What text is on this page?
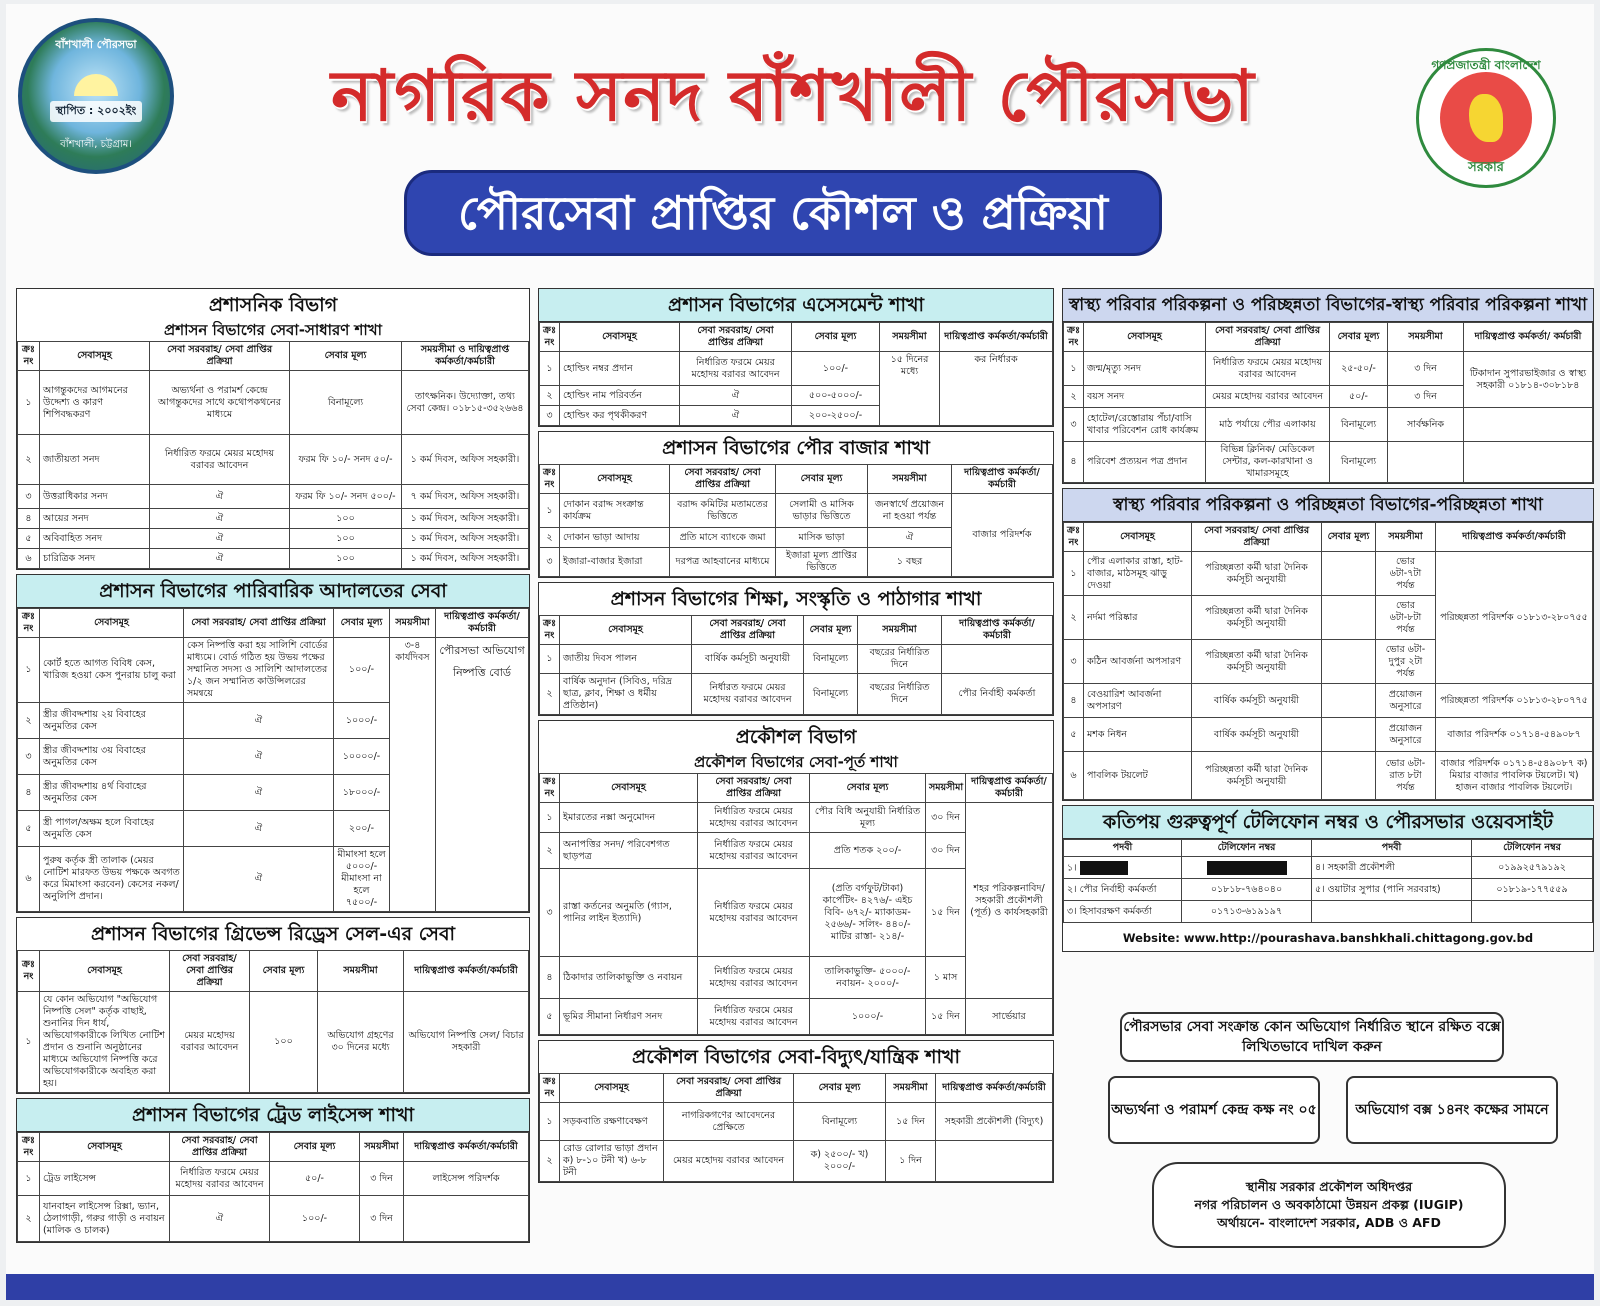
বাঁশখালী পৌরসভা
স্থাপিত : ২০০২ইং
বাঁশখালী, চট্টগ্রাম।
নাগরিক সনদ বাঁশখালী পৌরসভা
পৌরসেবা প্রাপ্তির কৌশল ও প্রক্রিয়া
গণপ্রজাতন্ত্রী বাংলাদেশ
সরকার
প্রশাসনিক বিভাগ
প্রশাসন বিভাগের সেবা-সাধারণ শাখা
ক্রঃ নং	সেবাসমূহ	সেবা সরবরাহ/ সেবা প্রাপ্তির প্রক্রিয়া	সেবার মূল্য	সময়সীমা ও দায়িত্বপ্রাপ্ত কর্মকর্তা/কর্মচারী
১	আগন্তুকদের আগমনের উদ্দেশ্য ও কারণ শিপিবদ্ধকরণ	অভ্যর্থনা ও পরামর্শ কেন্দ্রে আগন্তুকদের সাথে কথোপকথনের মাধ্যমে	বিনামূল্যে	তাৎক্ষনিক। উদ্যোক্তা, তথ্য সেবা কেন্দ্র। ০১৮১৫-৩৫২৬৬৪
২	জাতীয়তা সনদ	নির্ধারিত ফরমে মেয়র মহোদয় বরাবর আবেদন	ফরম ফি ১০/- সনদ ৫০/-	১ কর্ম দিবস, অফিস সহকারী।
৩	উত্তরাধিকার সনদ	ঐ	ফরম ফি ১০/- সনদ ৫০০/-	৭ কর্ম দিবস, অফিস সহকারী।
৪	আয়ের সনদ	ঐ	১০০	১ কর্ম দিবস, অফিস সহকারী।
৫	অবিবাহিত সনদ	ঐ	১০০	১ কর্ম দিবস, অফিস সহকারী।
৬	চারিত্রিক সনদ	ঐ	১০০	১ কর্ম দিবস, অফিস সহকারী।
প্রশাসন বিভাগের পারিবারিক আদালতের সেবা
ক্রঃ নং	সেবাসমূহ	সেবা সরবরাহ/ সেবা প্রাপ্তির প্রক্রিয়া	সেবার মূল্য	সময়সীমা	দায়িত্বপ্রাপ্ত কর্মকর্তা/ কর্মচারী
১	কোর্ট হতে আগত বিবিধ কেস, খারিজ হওয়া কেস পুনরায় চালু করা	কেস নিষ্পত্তি করা হয় সালিশি বোর্ডের মাধ্যমে। বোর্ড গঠিত হয় উভয় পক্ষের সম্মানিত সদস্য ও সালিশি আদালতের ১/২ জন সম্মানিত কাউন্সিলরের সমন্বয়ে	১০০/-	৩-৪ কার্যদিবস	পৌরসভা অভিযোগ নিষ্পত্তি বোর্ড
২	স্ত্রীর জীবদ্দশায় ২য় বিবাহের অনুমতির কেস	ঐ	১০০০/-		
৩	স্ত্রীর জীবদ্দশায় ৩য় বিবাহের অনুমতির কেস	ঐ	১০০০০/-		
৪	স্ত্রীর জীবদ্দশায় ৪র্থ বিবাহের অনুমতির কেস	ঐ	১৮০০০/-		
৫	স্ত্রী পাগল/অক্ষম হলে বিবাহের অনুমতি কেস	ঐ	২০০/-		
৬	পুরুষ কর্তৃক স্ত্রী তালাক (মেয়র নোটিশ মারফত উভয় পক্ষকে অবগত করে মিমাংসা করবেন) কেসের নকল/অনুলিপি প্রদান।	ঐ	মীমাংসা হলে ৫০০০/- মীমাংসা না হলে ৭৫০০/-		
প্রশাসন বিভাগের গ্রিভেন্স রিড্রেস সেল-এর সেবা
ক্রঃ নং	সেবাসমূহ	সেবা সরবরাহ/ সেবা প্রাপ্তির প্রক্রিয়া	সেবার মূল্য	সময়সীমা	দায়িত্বপ্রাপ্ত কর্মকর্তা/কর্মচারী
১	যে কোন অভিযোগ "অভিযোগ নিষ্পত্তি সেল" কর্তৃক বাছাই, শুনানির দিন ধার্য, অভিযোগকারীকে লিখিত নোটিশ প্রদান ও শুনানি অনুষ্ঠানের মাধ্যমে অভিযোগ নিষ্পত্তি করে অভিযোগকারীকে অবহিত করা হয়।	মেয়র মহোদয় বরাবর আবেদন	১০০	অভিযোগ গ্রহণের ৩০ দিনের মধ্যে	অভিযোগ নিষ্পত্তি সেল/ বিচার সহকারী
প্রশাসন বিভাগের ট্রেড লাইসেন্স শাখা
ক্রঃ নং	সেবাসমূহ	সেবা সরবরাহ/ সেবা প্রাপ্তির প্রক্রিয়া	সেবার মূল্য	সময়সীমা	দায়িত্বপ্রাপ্ত কর্মকর্তা/কর্মচারী
১	ট্রেড লাইসেন্স	নির্ধারিত ফরমে মেয়র মহোদয় বরাবর আবেদন	৫০/-	৩ দিন	লাইসেন্স পরিদর্শক
২	যানবাহন লাইসেন্স রিক্সা, ভ্যান, ঠেলাগাড়ী, গরুর গাড়ী ও নবায়ন (মালিক ও চালক)	ঐ	১০০/-	৩ দিন	
প্রশাসন বিভাগের এসেসমেন্ট শাখা
ক্রঃ নং	সেবাসমূহ	সেবা সরবরাহ/ সেবা প্রাপ্তির প্রক্রিয়া	সেবার মূল্য	সময়সীমা	দায়িত্বপ্রাপ্ত কর্মকর্তা/কর্মচারী
১	হোল্ডিং নম্বর প্রদান	নির্ধারিত ফরমে মেয়র মহোদয় বরাবর আবেদন	১০০/-	১৫ দিনের মধ্যে	কর নির্ধারক
২	হোল্ডিং নাম পরিবর্তন	ঐ	৫০০-৫০০০/-		
৩	হোল্ডিং কর পৃথকীকরণ	ঐ	২০০-২৫০০/-		
প্রশাসন বিভাগের পৌর বাজার শাখা
ক্রঃ নং	সেবাসমূহ	সেবা সরবরাহ/ সেবা প্রাপ্তির প্রক্রিয়া	সেবার মূল্য	সময়সীমা	দায়িত্বপ্রাপ্ত কর্মকর্তা/ কর্মচারী
১	দোকান বরাদ্দ সংক্রান্ত কার্যক্রম	বরাদ্দ কমিটির মতামতের ভিত্তিতে	সেলামী ও মাসিক ভাড়ার ভিত্তিতে	জনস্বার্থে প্রয়োজন না হওয়া পর্যন্ত	বাজার পরিদর্শক
২	দোকান ভাড়া আদায়	প্রতি মাসে ব্যাংকে জমা	মাসিক ভাড়া	ঐ	
৩	ইজারা-বাজার ইজারা	দরপত্র আহবানের মাধ্যমে	ইজারা মূল্য প্রাপ্তির ভিত্তিতে	১ বছর	
প্রশাসন বিভাগের শিক্ষা, সংস্কৃতি ও পাঠাগার শাখা
ক্রঃ নং	সেবাসমূহ	সেবা সরবরাহ/ সেবা প্রাপ্তির প্রক্রিয়া	সেবার মূল্য	সময়সীমা	দায়িত্বপ্রাপ্ত কর্মকর্তা/ কর্মচারী
১	জাতীয় দিবস পালন	বার্ষিক কর্মসূচী অনুযায়ী	বিনামূল্যে	বছরের নির্ধারিত দিনে	
২	বার্ষিক অনুদান (সিবিও, দরিদ্র ছাত্র, ক্লাব, শিক্ষা ও ধর্মীয় প্রতিষ্ঠান)	নির্ধারত ফরমে মেয়র মহোদয় বরাবর আবেদন	বিনামূল্যে	বছরের নির্ধারিত দিনে	পৌর নির্বাহী কর্মকর্তা
প্রকৌশল বিভাগ
প্রকৌশল বিভাগের সেবা-পূর্ত শাখা
ক্রঃ নং	সেবাসমূহ	সেবা সরবরাহ/ সেবা প্রাপ্তির প্রক্রিয়া	সেবার মূল্য	সময়সীমা	দায়িত্বপ্রাপ্ত কর্মকর্তা/ কর্মচারী
১	ইমারতের নক্সা অনুমোদন	নির্ধারিত ফরমে মেয়র মহোদয় বরাবর আবেদন	পৌর বিধি অনুযায়ী নির্ধারিত মূল্য	৩০ দিন	শহর পরিকল্পনাবিদ/ সহকারী প্রকৌশলী (পূর্ত) ও কার্যসহকারী
২	অনাপত্তির সনদ/ পরিবেশগত ছাড়পত্র	নির্ধারিত ফরমে মেয়র মহোদয় বরাবর আবেদন	প্রতি শতক ২০০/-	৩০ দিন	
৩	রাস্তা কর্তনের অনুমতি (গ্যাস, পানির লাইন ইত্যাদি)	নির্ধারিত ফরমে মেয়র মহোদয় বরাবর আবেদন	(প্রতি বর্গফুট/টাকা) কার্পেটিং- ৪২৭৬/- এইচ বিবি- ৬৭২/- ম্যাকাডম- ২৫৬৬/- সলিং- ৪৪০/- মাটির রাস্তা- ২১৪/-	১৫ দিন	
৪	ঠিকাদার তালিকাভুক্তি ও নবায়ন	নির্ধারিত ফরমে মেয়র মহোদয় বরাবর আবেদন	তালিকাভুক্তি- ৫০০০/- নবায়ন- ২০০০/-	১ মাস	
৫	ভূমির সীমানা নির্ধারণ সনদ	নির্ধারিত ফরমে মেয়র মহোদয় বরাবর আবেদন	১০০০/-	১৫ দিন	সার্ভেয়ার
প্রকৌশল বিভাগের সেবা-বিদ্যুৎ/যান্ত্রিক শাখা
ক্রঃ নং	সেবাসমূহ	সেবা সরবরাহ/ সেবা প্রাপ্তির প্রক্রিয়া	সেবার মূল্য	সময়সীমা	দায়িত্বপ্রাপ্ত কর্মকর্তা/কর্মচারী
১	সড়কবাতি রক্ষণাবেক্ষণ	নাগরিকগণের আবেদনের প্রেক্ষিতে	বিনামূল্যে	১৫ দিন	সহকারী প্রকৌশলী (বিদ্যুৎ)
২	রোড রোলার ভাড়া প্রদান ক) ৮-১০ টনী খ) ৬-৮ টনী	মেয়র মহোদয় বরাবর আবেদন	ক) ২৫০০/- খ) ২০০০/-	১ দিন	
স্বাস্থ্য পরিবার পরিকল্পনা ও পরিচ্ছন্নতা বিভাগের-স্বাস্থ্য পরিবার পরিকল্পনা শাখা
ক্রঃ নং	সেবাসমূহ	সেবা সরবরাহ/ সেবা প্রাপ্তির প্রক্রিয়া	সেবার মূল্য	সময়সীমা	দায়িত্বপ্রাপ্ত কর্মকর্তা/ কর্মচারী
১	জন্ম/মৃত্যু সনদ	নির্ধারিত ফরমে মেয়র মহোদয় বরাবর আবেদন	২৫-৫০/-	৩ দিন	টিকাদান সুপারভাইজার ও স্বাস্থ্য সহকারী ০১৮১৪-৩০৮১৮৪
২	বয়স সনদ	মেয়র মহোদয় বরাবর আবেদন	৫০/-	৩ দিন	
৩	হোটেল/রেস্তোরায় পঁচা/বাসি খাবার পরিবেশন রোধ কার্যক্রম	মাঠ পর্যায়ে পৌর এলাকায়	বিনামূল্যে	সার্বক্ষনিক	
৪	পরিবেশ প্রত্যয়ন পত্র প্রদান	বিভিন্ন ক্লিনিক/ মেডিকেল সেন্টার, কল-কারখানা ও খামারসমূহে	বিনামূল্যে		
স্বাস্থ্য পরিবার পরিকল্পনা ও পরিচ্ছন্নতা বিভাগের-পরিচ্ছন্নতা শাখা
ক্রঃ নং	সেবাসমূহ	সেবা সরবরাহ/ সেবা প্রাপ্তির প্রক্রিয়া	সেবার মূল্য	সময়সীমা	দায়িত্বপ্রাপ্ত কর্মকর্তা/কর্মচারী
১	পৌর এলাকার রাস্তা, হাট-বাজার, মাঠসমূহ ঝাড়ু দেওয়া	পরিচ্ছন্নতা কর্মী দ্বারা দৈনিক কর্মসূচী অনুযায়ী		ভোর ৬টা-৭টা পর্যন্ত	পরিচ্ছন্নতা পরিদর্শক ০১৮১৩-২৮০৭৫৫
২	নর্দমা পরিষ্কার	পরিচ্ছন্নতা কর্মী দ্বারা দৈনিক কর্মসূচী অনুযায়ী		ভোর ৬টা-৮টা পর্যন্ত	
৩	কঠিন আবর্জনা অপসারণ	পরিচ্ছন্নতা কর্মী দ্বারা দৈনিক কর্মসূচী অনুযায়ী		ভোর ৬টা-দুপুর ২টা পর্যন্ত	
৪	বেওয়ারিশ আবর্জনা অপসারণ	বার্ষিক কর্মসূচী অনুযায়ী		প্রয়োজন অনুসারে	পরিচ্ছন্নতা পরিদর্শক ০১৮১৩-২৮০৭৭৫
৫	মশক নিধন	বার্ষিক কর্মসূচী অনুযায়ী		প্রয়োজন অনুসারে	বাজার পরিদর্শক ০১৭১৪-৫৪৯০৮৭
৬	পাবলিক টয়লেট	পরিচ্ছন্নতা কর্মী দ্বারা দৈনিক কর্মসূচী অনুযায়ী		ভোর ৬টা-রাত ৮টা পর্যন্ত	বাজার পরিদর্শক ০১৭১৪-৫৪৯০৮৭ ক) মিয়ার বাজার পাবলিক টয়লেট। খ) হাজন বাজার পাবলিক টয়লেট।
কতিপয় গুরুত্বপূর্ণ টেলিফোন নম্বর ও পৌরসভার ওয়েবসাইট
পদবী	টেলিফোন নম্বর	পদবী	টেলিফোন নম্বর
১।		৪। সহকারী প্রকৌশলী	০১৯৯২৫৭৯১৯২
২। পৌর নির্বাহী কর্মকর্তা	০১৮১৮-৭৬৪০৪০	৫। ওয়াটার সুপার (পানি সরবরাহ)	০১৮১৯-১৭৭৫৫৯
৩। হিসাবরক্ষণ কর্মকর্তা	০১৭১৩-৬১৯১৯৭		
Website: www.http://pourashava.banshkhali.chittagong.gov.bd
পৌরসভার সেবা সংক্রান্ত কোন অভিযোগ নির্ধারিত স্থানে রক্ষিত বক্সে লিখিতভাবে দাখিল করুন
অভ্যর্থনা ও পরামর্শ কেন্দ্র কক্ষ নং ০৫	অভিযোগ বক্স ১৪নং কক্ষের সামনে
স্থানীয় সরকার প্রকৌশল অধিদপ্তর
নগর পরিচালন ও অবকাঠামো উন্নয়ন প্রকল্প (IUGIP)
অর্থায়নে- বাংলাদেশ সরকার, ADB ও AFD
